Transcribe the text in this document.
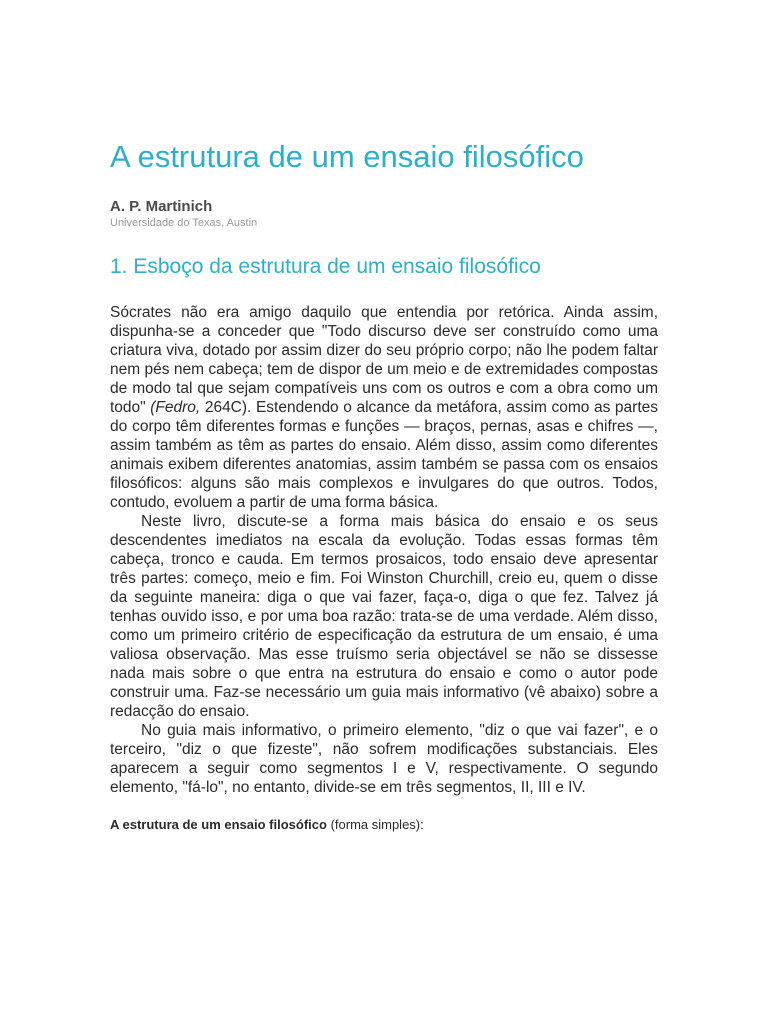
A estrutura de um ensaio filosófico

A. P. Martinich

Universidade do Texas, Austin

1. Esboço da estrutura de um ensaio filosófico

Sócrates não era amigo daquilo que entendia por retórica. Ainda assim, dispunha-se a conceder que "Todo discurso deve ser construído como uma criatura viva, dotado por assim dizer do seu próprio corpo; não lhe podem faltar nem pés nem cabeça; tem de dispor de um meio e de extremidades compostas de modo tal que sejam compatíveis uns com os outros e com a obra como um todo" (Fedro, 264C). Estendendo o alcance da metáfora, assim como as partes do corpo têm diferentes formas e funções — braços, pernas, asas e chifres —, assim também as têm as partes do ensaio. Além disso, assim como diferentes animais exibem diferentes anatomias, assim também se passa com os ensaios filosóficos: alguns são mais complexos e invulgares do que outros. Todos, contudo, evoluem a partir de uma forma básica.

Neste livro, discute-se a forma mais básica do ensaio e os seus descendentes imediatos na escala da evolução. Todas essas formas têm cabeça, tronco e cauda. Em termos prosaicos, todo ensaio deve apresentar três partes: começo, meio e fim. Foi Winston Churchill, creio eu, quem o disse da seguinte maneira: diga o que vai fazer, faça-o, diga o que fez. Talvez já tenhas ouvido isso, e por uma boa razão: trata-se de uma verdade. Além disso, como um primeiro critério de especificação da estrutura de um ensaio, é uma valiosa observação. Mas esse truísmo seria objectável se não se dissesse nada mais sobre o que entra na estrutura do ensaio e como o autor pode construir uma. Faz-se necessário um guia mais informativo (vê abaixo) sobre a redacção do ensaio.

No guia mais informativo, o primeiro elemento, "diz o que vai fazer", e o terceiro, "diz o que fizeste", não sofrem modificações substanciais. Eles aparecem a seguir como segmentos I e V, respectivamente. O segundo elemento, "fá-lo", no entanto, divide-se em três segmentos, II, III e IV.

A estrutura de um ensaio filosófico (forma simples):
